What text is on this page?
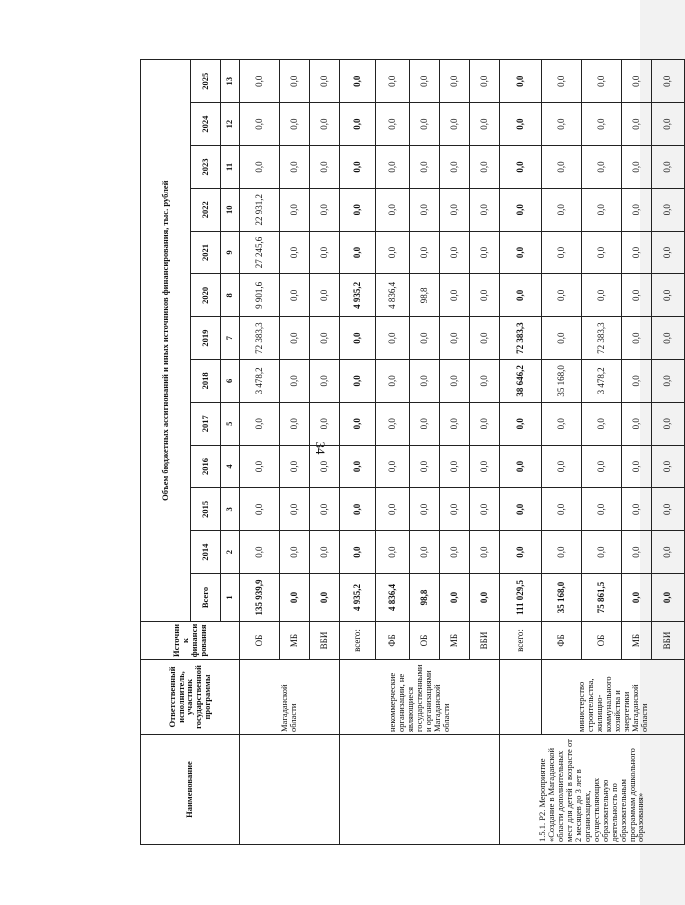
34
Наименование	Ответственный исполнитель, участник государственной программы	Источник финансирования	Объем бюджетных ассигнований и иных источников финансирования, тыс. рублей													
			Всего	2014	2015	2016	2017	2018	2019	2020	2021	2022	2023	2024	2025	
			1	2	3	4	5	6	7	8	9	10	11	12	13			
	Магаданской области	ОБ	135 939,9	0,0	0,0	0,0	0,0	3 478,2	72 383,3	9 901,6	27 245,6	22 931,2	0,0	0,0	0,0	
		МБ	0,0	0,0	0,0	0,0	0,0	0,0	0,0	0,0	0,0	0,0	0,0	0,0	0,0	
		ВБИ	0,0	0,0	0,0	0,0	0,0	0,0	0,0	0,0	0,0	0,0	0,0	0,0	0,0	
	некоммерческие организации, не являющиеся государственными и организациями Магаданской области	всего:	4 935,2	0,0	0,0	0,0	0,0	0,0	0,0	4 935,2	0,0	0,0	0,0	0,0	0,0	
		ФБ	4 836,4	0,0	0,0	0,0	0,0	0,0	0,0	4 836,4	0,0	0,0	0,0	0,0	0,0	
		ОБ	98,8	0,0	0,0	0,0	0,0	0,0	0,0	98,8	0,0	0,0	0,0	0,0	0,0	
		МБ	0,0	0,0	0,0	0,0	0,0	0,0	0,0	0,0	0,0	0,0	0,0	0,0	0,0	
		ВБИ	0,0	0,0	0,0	0,0	0,0	0,0	0,0	0,0	0,0	0,0	0,0	0,0	0,0	
1.5.1. Р2. Мероприятие «Создание в Магаданской области дополнительных мест для детей в возрасте от 2 месяцев до 3 лет в организациях, осуществляющих образовательную деятельность по образовательным программам дошкольного образования»		всего:	111 029,5	0,0	0,0	0,0	0,0	38 646,2	72 383,3	0,0	0,0	0,0	0,0	0,0	0,0	
	министерство строительства, жилищно-коммунального хозяйства и энергетики Магаданской области	ФБ	35 168,0	0,0	0,0	0,0	0,0	35 168,0	0,0	0,0	0,0	0,0	0,0	0,0	0,0	
		ОБ	75 861,5	0,0	0,0	0,0	0,0	3 478,2	72 383,3	0,0	0,0	0,0	0,0	0,0	0,0	
		МБ	0,0	0,0	0,0	0,0	0,0	0,0	0,0	0,0	0,0	0,0	0,0	0,0	0,0	
		ВБИ	0,0	0,0	0,0	0,0	0,0	0,0	0,0	0,0	0,0	0,0	0,0	0,0	0,0	
